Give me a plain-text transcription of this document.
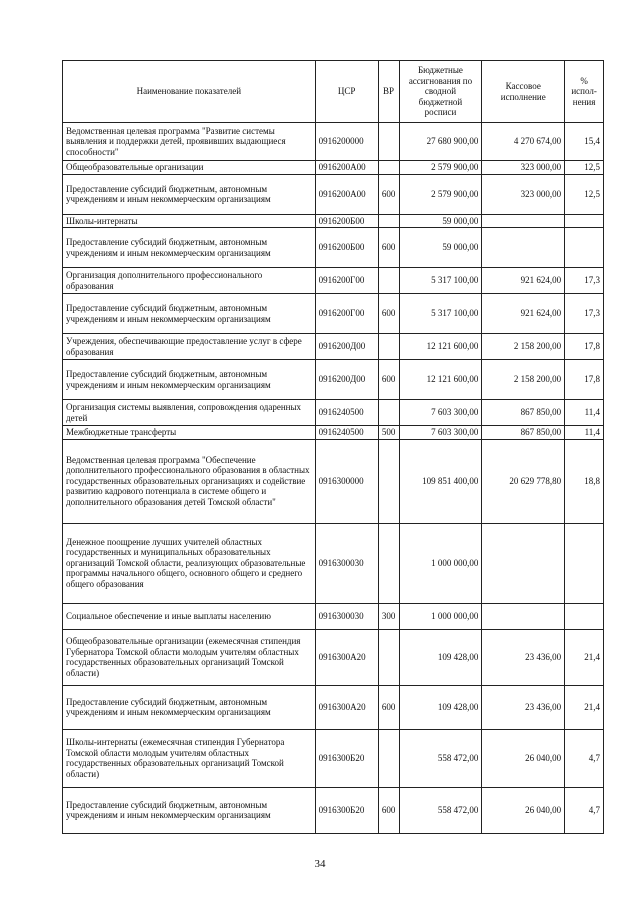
Наименование показателей	ЦСР	ВР	Бюджетные ассигнования по сводной бюджетной росписи	Кассовое исполнение	% испол-нения
Ведомственная целевая программа "Развитие системы выявления и поддержки детей, проявивших выдающиеся способности"	0916200000		27 680 900,00	4 270 674,00	15,4
Общеобразовательные организации	0916200А00		2 579 900,00	323 000,00	12,5
Предоставление субсидий бюджетным, автономным учреждениям и иным некоммерческим организациям	0916200А00	600	2 579 900,00	323 000,00	12,5
Школы-интернаты	0916200Б00		59 000,00		
Предоставление субсидий бюджетным, автономным учреждениям и иным некоммерческим организациям	0916200Б00	600	59 000,00		
Организация дополнительного профессионального образования	0916200Г00		5 317 100,00	921 624,00	17,3
Предоставление субсидий бюджетным, автономным учреждениям и иным некоммерческим организациям	0916200Г00	600	5 317 100,00	921 624,00	17,3
Учреждения, обеспечивающие предоставление услуг в сфере образования	0916200Д00		12 121 600,00	2 158 200,00	17,8
Предоставление субсидий бюджетным, автономным учреждениям и иным некоммерческим организациям	0916200Д00	600	12 121 600,00	2 158 200,00	17,8
Организация системы выявления, сопровождения одаренных детей	0916240500		7 603 300,00	867 850,00	11,4
Межбюджетные трансферты	0916240500	500	7 603 300,00	867 850,00	11,4
Ведомственная целевая программа "Обеспечение дополнительного профессионального образования в областных государственных образовательных организациях и содействие развитию кадрового потенциала в системе общего и дополнительного образования детей Томской области"	0916300000		109 851 400,00	20 629 778,80	18,8
Денежное поощрение лучших учителей областных государственных и муниципальных образовательных организаций Томской области, реализующих образовательные программы начального общего, основного общего и среднего общего образования	0916300030		1 000 000,00		
Социальное обеспечение и иные выплаты населению	0916300030	300	1 000 000,00		
Общеобразовательные организации (ежемесячная стипендия Губернатора Томской области молодым учителям областных государственных образовательных организаций Томской области)	0916300А20		109 428,00	23 436,00	21,4
Предоставление субсидий бюджетным, автономным учреждениям и иным некоммерческим организациям	0916300А20	600	109 428,00	23 436,00	21,4
Школы-интернаты (ежемесячная стипендия Губернатора Томской области молодым учителям областных государственных образовательных организаций Томской области)	0916300Б20		558 472,00	26 040,00	4,7
Предоставление субсидий бюджетным, автономным учреждениям и иным некоммерческим организациям	0916300Б20	600	558 472,00	26 040,00	4,7
34
